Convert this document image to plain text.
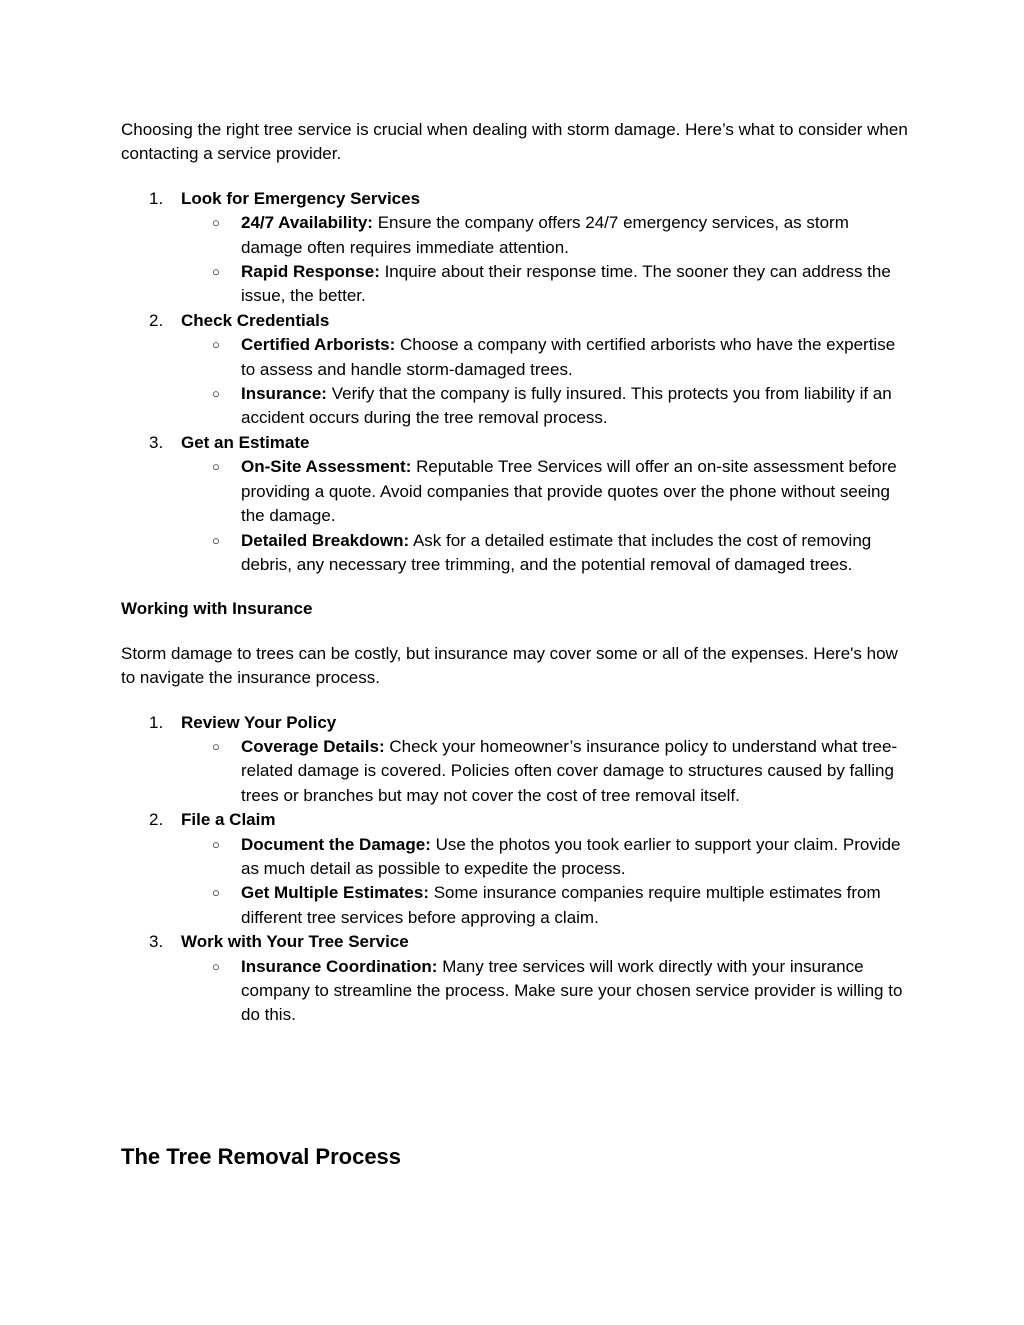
Choosing the right tree service is crucial when dealing with storm damage. Here’s what to consider when contacting a service provider.

1. Look for Emergency Services
○ 24/7 Availability: Ensure the company offers 24/7 emergency services, as storm damage often requires immediate attention.
○ Rapid Response: Inquire about their response time. The sooner they can address the issue, the better.
2. Check Credentials
○ Certified Arborists: Choose a company with certified arborists who have the expertise to assess and handle storm-damaged trees.
○ Insurance: Verify that the company is fully insured. This protects you from liability if an accident occurs during the tree removal process.
3. Get an Estimate
○ On-Site Assessment: Reputable Tree Services will offer an on-site assessment before providing a quote. Avoid companies that provide quotes over the phone without seeing the damage.
○ Detailed Breakdown: Ask for a detailed estimate that includes the cost of removing debris, any necessary tree trimming, and the potential removal of damaged trees.

Working with Insurance

Storm damage to trees can be costly, but insurance may cover some or all of the expenses. Here's how to navigate the insurance process.

1. Review Your Policy
○ Coverage Details: Check your homeowner’s insurance policy to understand what tree-related damage is covered. Policies often cover damage to structures caused by falling trees or branches but may not cover the cost of tree removal itself.
2. File a Claim
○ Document the Damage: Use the photos you took earlier to support your claim. Provide as much detail as possible to expedite the process.
○ Get Multiple Estimates: Some insurance companies require multiple estimates from different tree services before approving a claim.
3. Work with Your Tree Service
○ Insurance Coordination: Many tree services will work directly with your insurance company to streamline the process. Make sure your chosen service provider is willing to do this.
The Tree Removal Process
